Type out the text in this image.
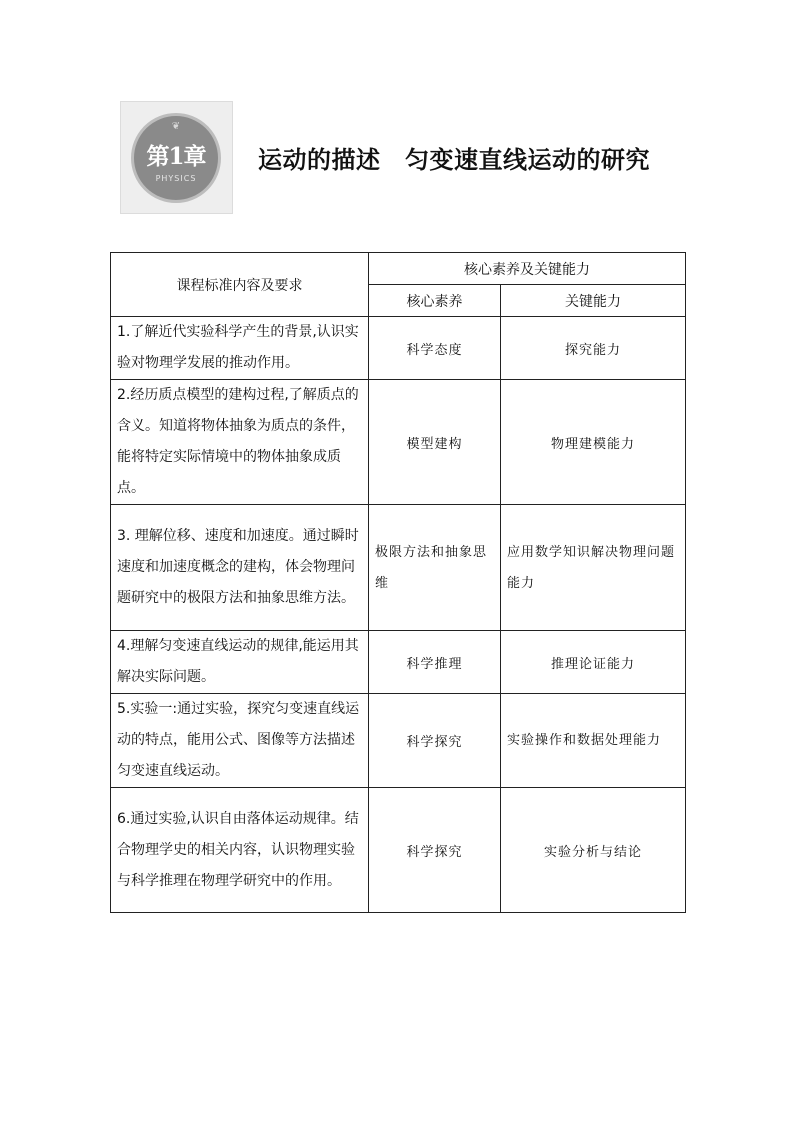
❦
第1章
PHYSICS
运动的描述　匀变速直线运动的研究
课程标准内容及要求	核心素养及关键能力	
	核心素养	关键能力
1.了解近代实验科学产生的背景,认识实验对物理学发展的推动作用。	科学态度	探究能力
2.经历质点模型的建构过程,了解质点的含义。知道将物体抽象为质点的条件，能将特定实际情境中的物体抽象成质点。	模型建构	物理建模能力
3. 理解位移、速度和加速度。通过瞬时速度和加速度概念的建构，体会物理问题研究中的极限方法和抽象思维方法。	极限方法和抽象思维	应用数学知识解决物理问题能力
4.理解匀变速直线运动的规律,能运用其解决实际问题。	科学推理	推理论证能力
5.实验一:通过实验，探究匀变速直线运动的特点，能用公式、图像等方法描述匀变速直线运动。	科学探究	实验操作和数据处理能力
6.通过实验,认识自由落体运动规律。结合物理学史的相关内容，认识物理实验与科学推理在物理学研究中的作用。	科学探究	实验分析与结论
